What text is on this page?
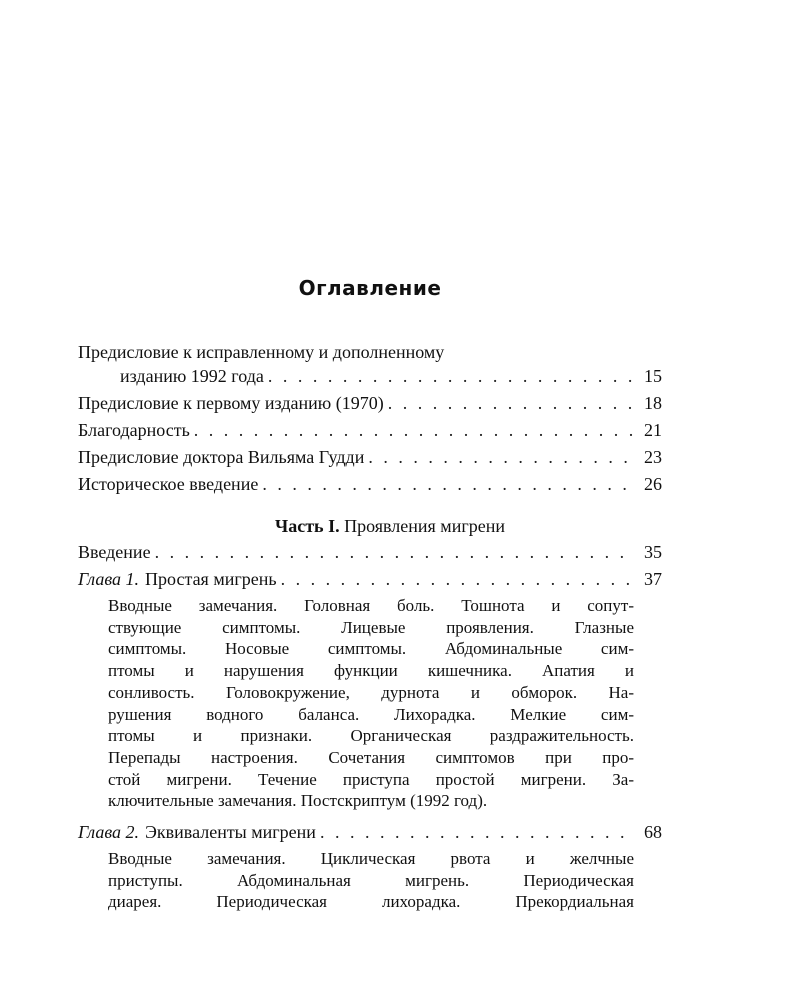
Оглавление
Предисловие к исправленному и дополненному
изданию 1992 года . . .	15
Предисловие к первому изданию (1970) . . .	18
Благодарность . . .	21
Предисловие доктора Вильяма Гудди . . .	23
Историческое введение . . .	26
Часть I. Проявления мигрени
Введение . . .	35
Глава 1. Простая мигрень . . .	37
Вводные замечания. Головная боль. Тошнота и сопут-
ствующие симптомы. Лицевые проявления. Глазные
симптомы. Носовые симптомы. Абдоминальные сим-
птомы и нарушения функции кишечника. Апатия и
сонливость. Головокружение, дурнота и обморок. На-
рушения водного баланса. Лихорадка. Мелкие сим-
птомы и признаки. Органическая раздражительность.
Перепады настроения. Сочетания симптомов при про-
стой мигрени. Течение приступа простой мигрени. За-
ключительные замечания. Постскриптум (1992 год).
Глава 2. Эквиваленты мигрени . . .	68
Вводные замечания. Циклическая рвота и желчные
приступы. Абдоминальная мигрень. Периодическая
диарея. Периодическая лихорадка. Прекордиальная
